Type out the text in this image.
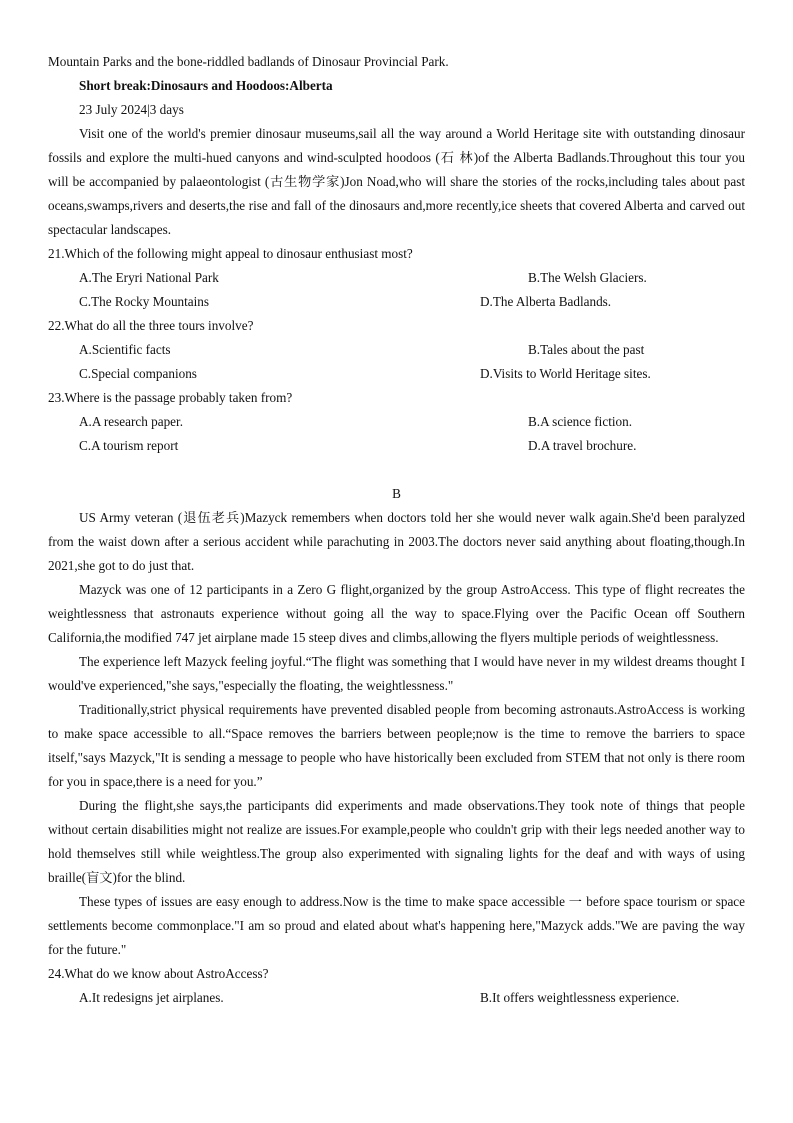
Mountain Parks and the bone-riddled badlands of Dinosaur Provincial Park.
Short break:Dinosaurs and Hoodoos:Alberta
23 July 2024|3 days

Visit one of the world's premier dinosaur museums,sail all the way around a World Heritage site with outstanding dinosaur fossils and explore the multi-hued canyons and wind-sculpted hoodoos (石 林)of the Alberta Badlands.Throughout this tour you will be accompanied by palaeontologist (古生物学家)Jon Noad,who will share the stories of the rocks,including tales about past oceans,swamps,rivers and deserts,the rise and fall of the dinosaurs and,more recently,ice sheets that covered Alberta and carved out spectacular landscapes.

21.Which of the following might appeal to dinosaur enthusiast most?
A.The Eryri National Park	B.The Welsh Glaciers.
C.The Rocky Mountains	D.The Alberta Badlands.
22.What do all the three tours involve?
A.Scientific facts	B.Tales about the past
C.Special companions	D.Visits to World Heritage sites.
23.Where is the passage probably taken from?
A.A research paper.	B.A science fiction.
C.A tourism report	D.A travel brochure.
B

US Army veteran (退伍老兵)Mazyck remembers when doctors told her she would never walk again.She'd been paralyzed from the waist down after a serious accident while parachuting in 2003.The doctors never said anything about floating,though.In 2021,she got to do just that.

Mazyck was one of 12 participants in a Zero G flight,organized by the group AstroAccess. This type of flight recreates the weightlessness that astronauts experience without going all the way to space.Flying over the Pacific Ocean off Southern California,the modified 747 jet airplane made 15 steep dives and climbs,allowing the flyers multiple periods of weightlessness.

The experience left Mazyck feeling joyful.“The flight was something that I would have never in my wildest dreams thought I would've experienced,"she says,"especially the floating, the weightlessness."

Traditionally,strict physical requirements have prevented disabled people from becoming astronauts.AstroAccess is working to make space accessible to all.“Space removes the barriers between people;now is the time to remove the barriers to space itself,"says Mazyck,"It is sending a message to people who have historically been excluded from STEM that not only is there room for you in space,there is a need for you.”

During the flight,she says,the participants did experiments and made observations.They took note of things that people without certain disabilities might not realize are issues.For example,people who couldn't grip with their legs needed another way to hold themselves still while weightless.The group also experimented with signaling lights for the deaf and with ways of using braille(盲文)for the blind.

These types of issues are easy enough to address.Now is the time to make space accessible 一 before space tourism or space settlements become commonplace."I am so proud and elated about what's happening here,"Mazyck adds."We are paving the way for the future."

24.What do we know about AstroAccess?
A.It redesigns jet airplanes.	B.It offers weightlessness experience.
